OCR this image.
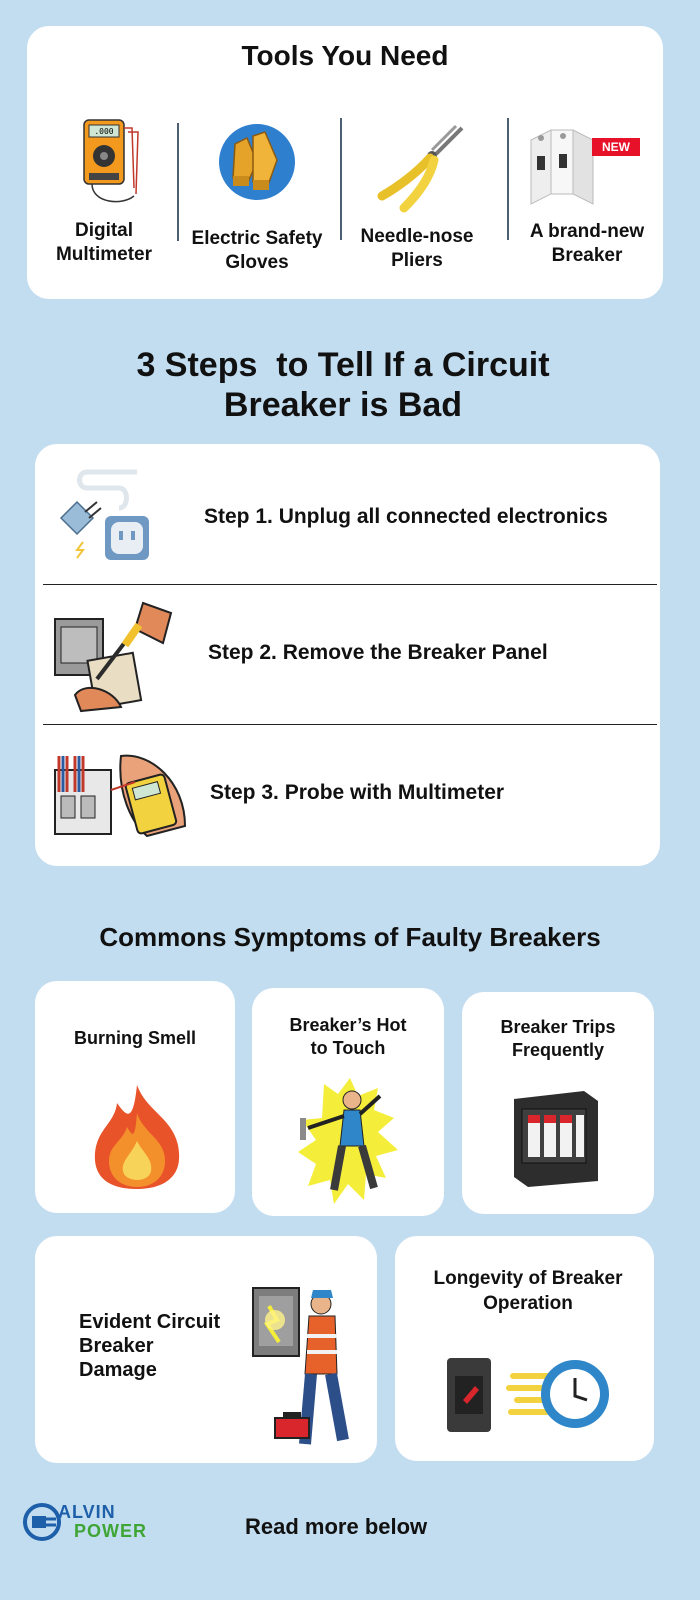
Tools You Need
.000
Digital Multimeter
Electric Safety Gloves
Needle-nose Pliers
NEW
A brand-new Breaker
3 Steps  to Tell If a Circuit
Breaker is Bad
Step 1. Unplug all connected electronics
Step 2. Remove the Breaker Panel
Step 3. Probe with Multimeter
Commons Symptoms of Faulty Breakers
Burning Smell
Breaker’s Hot to Touch
Breaker Trips Frequently
Evident Circuit Breaker Damage
Longevity of Breaker Operation
ALVIN
POWER	Read more below
